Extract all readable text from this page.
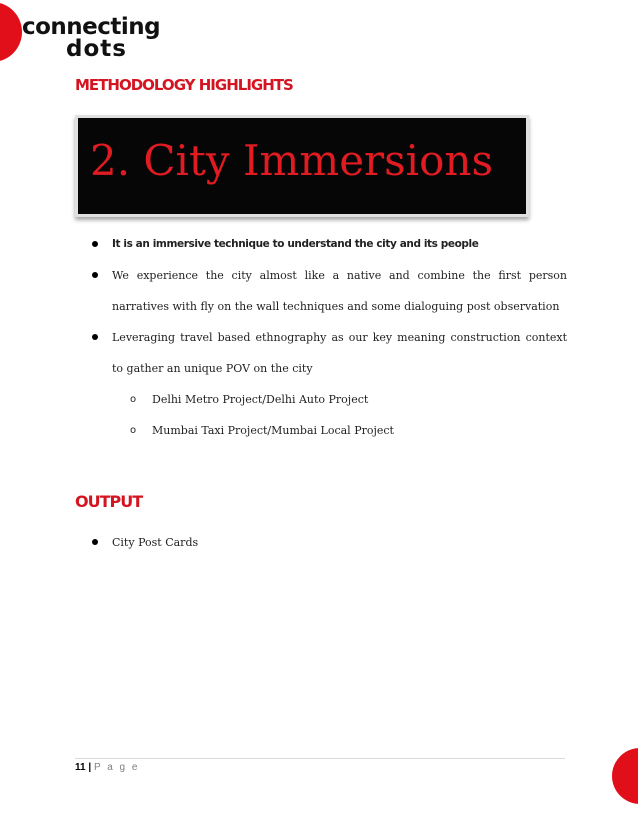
connecting
dots
METHODOLOGY HIGHLIGHTS
2. City Immersions
It is an immersive technique to understand the city and its people
We experience the city almost like a native and combine the first person narratives with fly on the wall techniques and some dialoguing post observation
Leveraging travel based ethnography as our key meaning construction context to gather an unique POV on the city
o Delhi Metro Project/Delhi Auto Project
o Mumbai Taxi Project/Mumbai Local Project
OUTPUT
City Post Cards
11 | P a g e
